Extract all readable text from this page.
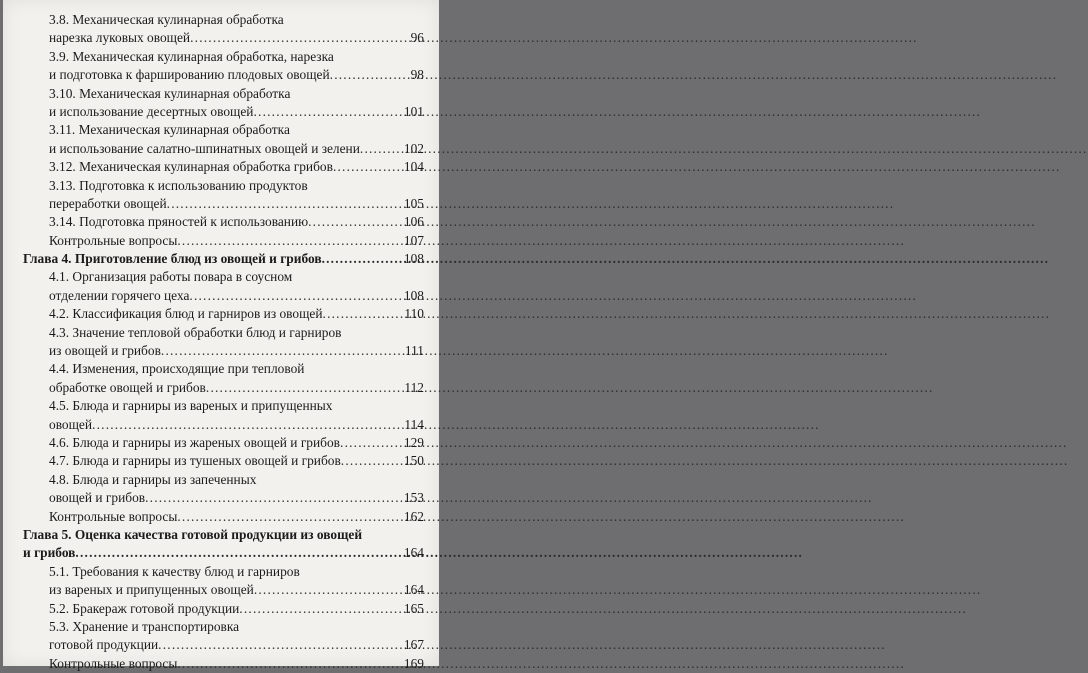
3.8. Механическая кулинарная обработка
нарезка луковых овощей .....	96
3.9. Механическая кулинарная обработка, нарезка
и подготовка к фаршированию плодовых овощей .....	98
3.10. Механическая кулинарная обработка
и использование десертных овощей .....	101
3.11. Механическая кулинарная обработка
и использование салатно-шпинатных овощей и зелени .....	102
3.12. Механическая кулинарная обработка грибов .....	104
3.13. Подготовка к использованию продуктов
переработки овощей .....	105
3.14. Подготовка пряностей к использованию .....	106
Контрольные вопросы .....	107
Глава 4. Приготовление блюд из овощей и грибов .....	108
4.1. Организация работы повара в соусном
отделении горячего цеха .....	108
4.2. Классификация блюд и гарниров из овощей .....	110
4.3. Значение тепловой обработки блюд и гарниров
из овощей и грибов .....	111
4.4. Изменения, происходящие при тепловой
обработке овощей и грибов .....	112
4.5. Блюда и гарниры из вареных и припущенных
овощей .....	114
4.6. Блюда и гарниры из жареных овощей и грибов .....	129
4.7. Блюда и гарниры из тушеных овощей и грибов .....	150
4.8. Блюда и гарниры из запеченных
овощей и грибов .....	153
Контрольные вопросы .....	162
Глава 5. Оценка качества готовой продукции из овощей
и грибов .....	164
5.1. Требования к качеству блюд и гарниров
из вареных и припущенных овощей .....	164
5.2. Бракераж готовой продукции .....	165
5.3. Хранение и транспортировка
готовой продукции .....	167
Контрольные вопросы .....	169
